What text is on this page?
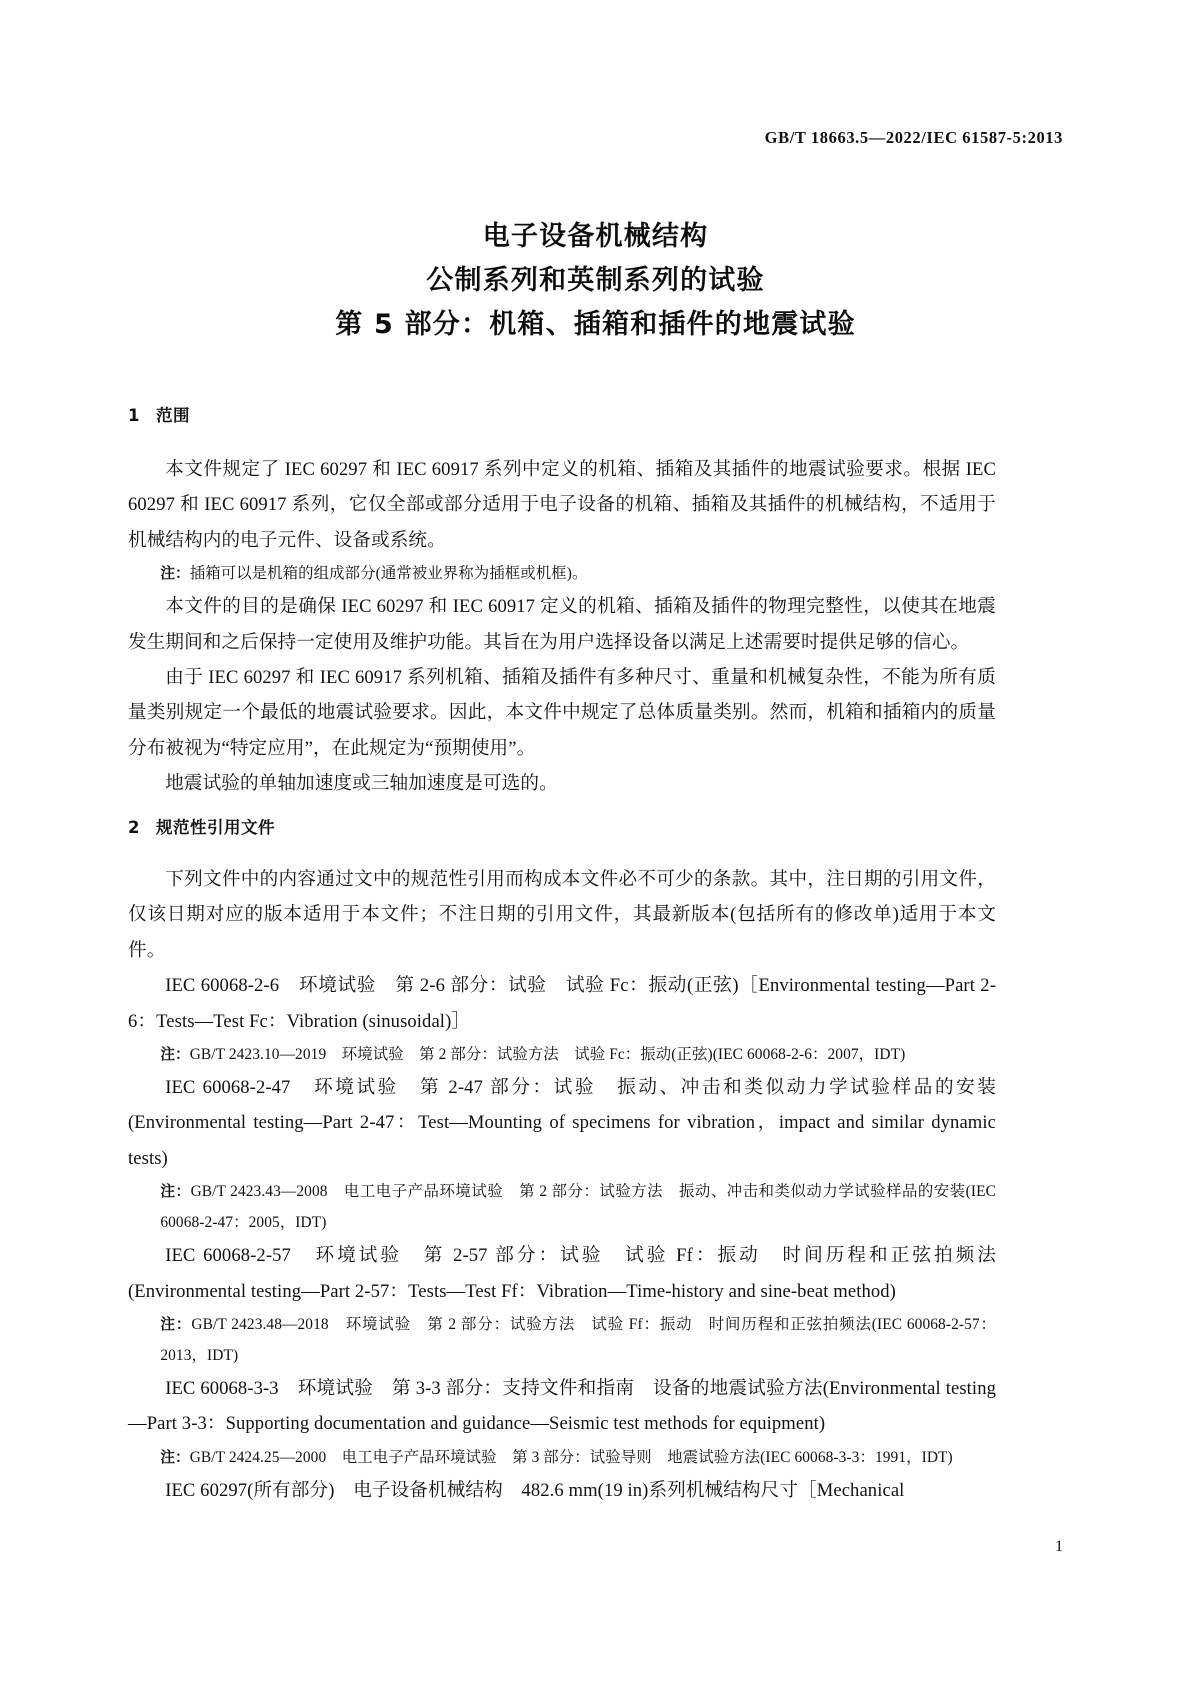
GB/T 18663.5—2022/IEC 61587-5:2013
电子设备机械结构
公制系列和英制系列的试验
第 5 部分：机箱、插箱和插件的地震试验
1 范围

本文件规定了 IEC 60297 和 IEC 60917 系列中定义的机箱、插箱及其插件的地震试验要求。根据 IEC 60297 和 IEC 60917 系列，它仅全部或部分适用于电子设备的机箱、插箱及其插件的机械结构，不适用于机械结构内的电子元件、设备或系统。

注：插箱可以是机箱的组成部分(通常被业界称为插框或机框)。

本文件的目的是确保 IEC 60297 和 IEC 60917 定义的机箱、插箱及插件的物理完整性，以使其在地震发生期间和之后保持一定使用及维护功能。其旨在为用户选择设备以满足上述需要时提供足够的信心。

由于 IEC 60297 和 IEC 60917 系列机箱、插箱及插件有多种尺寸、重量和机械复杂性，不能为所有质量类别规定一个最低的地震试验要求。因此，本文件中规定了总体质量类别。然而，机箱和插箱内的质量分布被视为“特定应用”，在此规定为“预期使用”。

地震试验的单轴加速度或三轴加速度是可选的。

2 规范性引用文件

下列文件中的内容通过文中的规范性引用而构成本文件必不可少的条款。其中，注日期的引用文件，仅该日期对应的版本适用于本文件；不注日期的引用文件，其最新版本(包括所有的修改单)适用于本文件。

IEC 60068-2-6　环境试验　第 2-6 部分：试验　试验 Fc：振动(正弦)［Environmental testing—Part 2-6：Tests—Test Fc：Vibration (sinusoidal)］

注：GB/T 2423.10—2019　环境试验　第 2 部分：试验方法　试验 Fc：振动(正弦)(IEC 60068-2-6：2007，IDT)

IEC 60068-2-47　环境试验　第 2-47 部分：试验　振动、冲击和类似动力学试验样品的安装(Environmental testing—Part 2-47：Test—Mounting of specimens for vibration，impact and similar dynamic tests)

注：GB/T 2423.43—2008　电工电子产品环境试验　第 2 部分：试验方法　振动、冲击和类似动力学试验样品的安装(IEC 60068-2-47：2005，IDT)

IEC 60068-2-57　环境试验　第 2-57 部分：试验　试验 Ff：振动　时间历程和正弦拍频法(Environmental testing—Part 2-57：Tests—Test Ff：Vibration—Time-history and sine-beat method)

注：GB/T 2423.48—2018　环境试验　第 2 部分：试验方法　试验 Ff：振动　时间历程和正弦拍频法(IEC 60068-2-57：2013，IDT)

IEC 60068-3-3　环境试验　第 3-3 部分：支持文件和指南　设备的地震试验方法(Environmental testing—Part 3-3：Supporting documentation and guidance—Seismic test methods for equipment)

注：GB/T 2424.25—2000　电工电子产品环境试验　第 3 部分：试验导则　地震试验方法(IEC 60068-3-3：1991，IDT)

IEC 60297(所有部分)　电子设备机械结构　482.6 mm(19 in)系列机械结构尺寸［Mechanical

1
